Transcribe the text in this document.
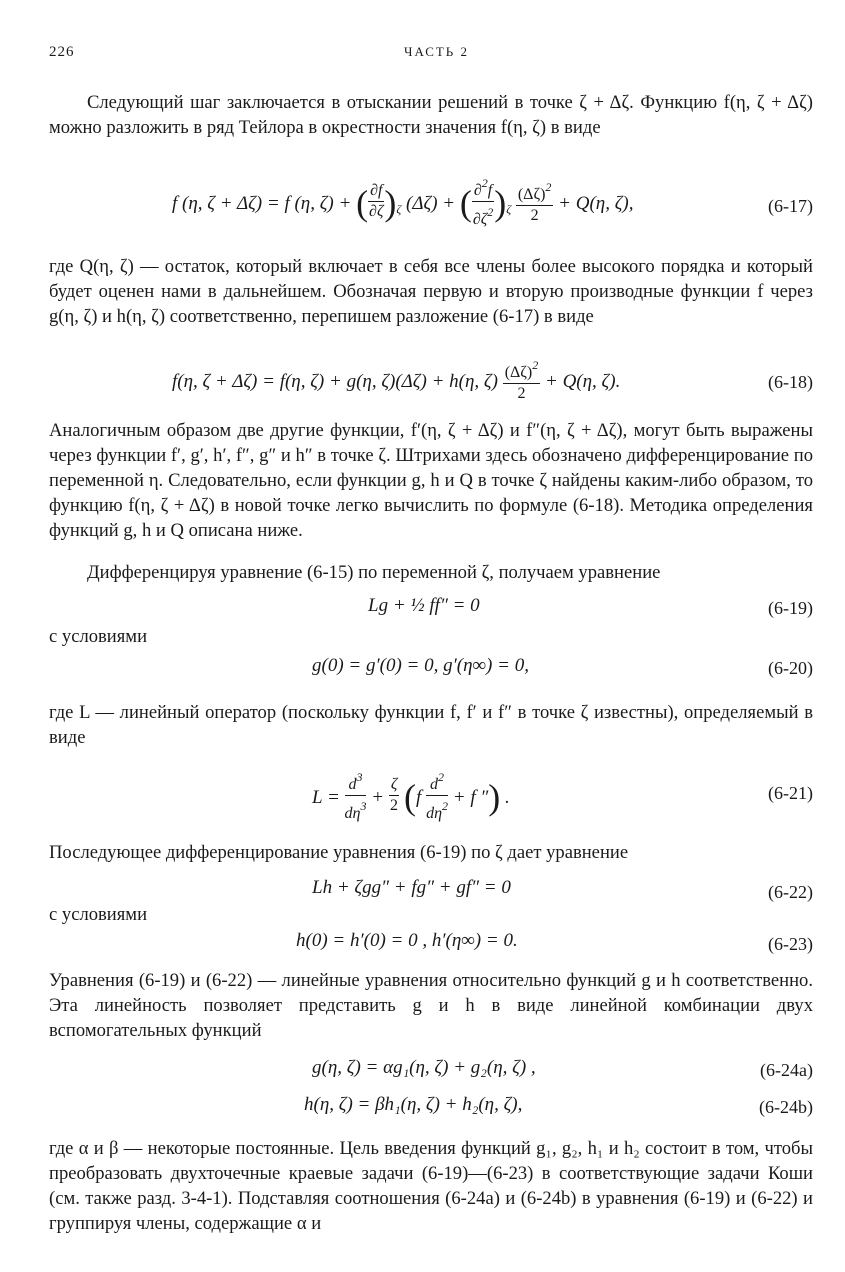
226	ЧАСТЬ 2

Следующий шаг заключается в отыскании решений в точке ζ + Δζ. Функцию f(η, ζ + Δζ) можно разложить в ряд Тейлора в окрестности значения f(η, ζ) в виде

f (η, ζ + Δζ) = f (η, ζ) + ( $\frac{\partial f}{\partial\zeta} )_\zeta$ (Δζ) + ( $\frac{\partial^2f}{\partial\zeta^2} )_\zeta \frac{(\Delta\zeta)^2}{2} + Q(\eta$, ζ),	(6-17)

где Q(η, ζ) — остаток, который включает в себя все члены более высокого порядка и который будет оценен нами в дальнейшем. Обозначая первую и вторую производные функции f через g(η, ζ) и h(η, ζ) соответственно, перепишем разложение (6-17) в виде

f(η, ζ + Δζ) = f(η, ζ) + g(η, ζ)(Δζ) + h(η, $\zeta) \frac{(\Delta\zeta)^2}{2} + Q(\eta$, ζ).	(6-18)

Аналогичным образом две другие функции, f′(η, ζ + Δζ) и f″(η, ζ + Δζ), могут быть выражены через функции f′, g′, h′, f″, g″ и h″ в точке ζ. Штрихами здесь обозначено дифференцирование по переменной η. Следовательно, если функции g, h и Q в точке ζ найдены каким-либо образом, то функцию f(η, ζ + Δζ) в новой точке легко вычислить по формуле (6-18). Методика определения функций g, h и Q описана ниже.

Дифференцируя уравнение (6-15) по переменной ζ, получаем уравнение

Lg + ½ ff″ = 0	(6-19)
с условиями
g(0) = g′(0) = 0, g′(η∞) = 0,	(6-20)

где L — линейный оператор (поскольку функции f, f′ и f″ в точке ζ известны), определяемый в виде

$L = \frac{d^3}{d\eta^3} + \frac{\zeta}{2} (f \frac{d^2}{d\eta^2} + f$ ″) .	(6-21)

Последующее дифференцирование уравнения (6-19) по ζ дает уравнение

Lh + ζgg″ + fg″ + gf″ = 0	(6-22)
с условиями
h(0) = h′(0) = 0 , h′(η∞) = 0.	(6-23)

Уравнения (6-19) и (6-22) — линейные уравнения относительно функций g и h соответственно. Эта линейность позволяет представить g и h в виде линейной комбинации двух вспомогательных функций

g(η, ζ) = αg₁(η, ζ) + g₂(η, ζ) ,	(6-24a)
h(η, ζ) = βh₁(η, ζ) + h₂(η, ζ),	(6-24b)

где α и β — некоторые постоянные. Цель введения функций g₁, g₂, h₁ и h₂ состоит в том, чтобы преобразовать двухточечные краевые задачи (6-19)—(6-23) в соответствующие задачи Коши (см. также разд. 3-4-1). Подставляя соотношения (6-24a) и (6-24b) в уравнения (6-19) и (6-22) и группируя члены, содержащие α и
